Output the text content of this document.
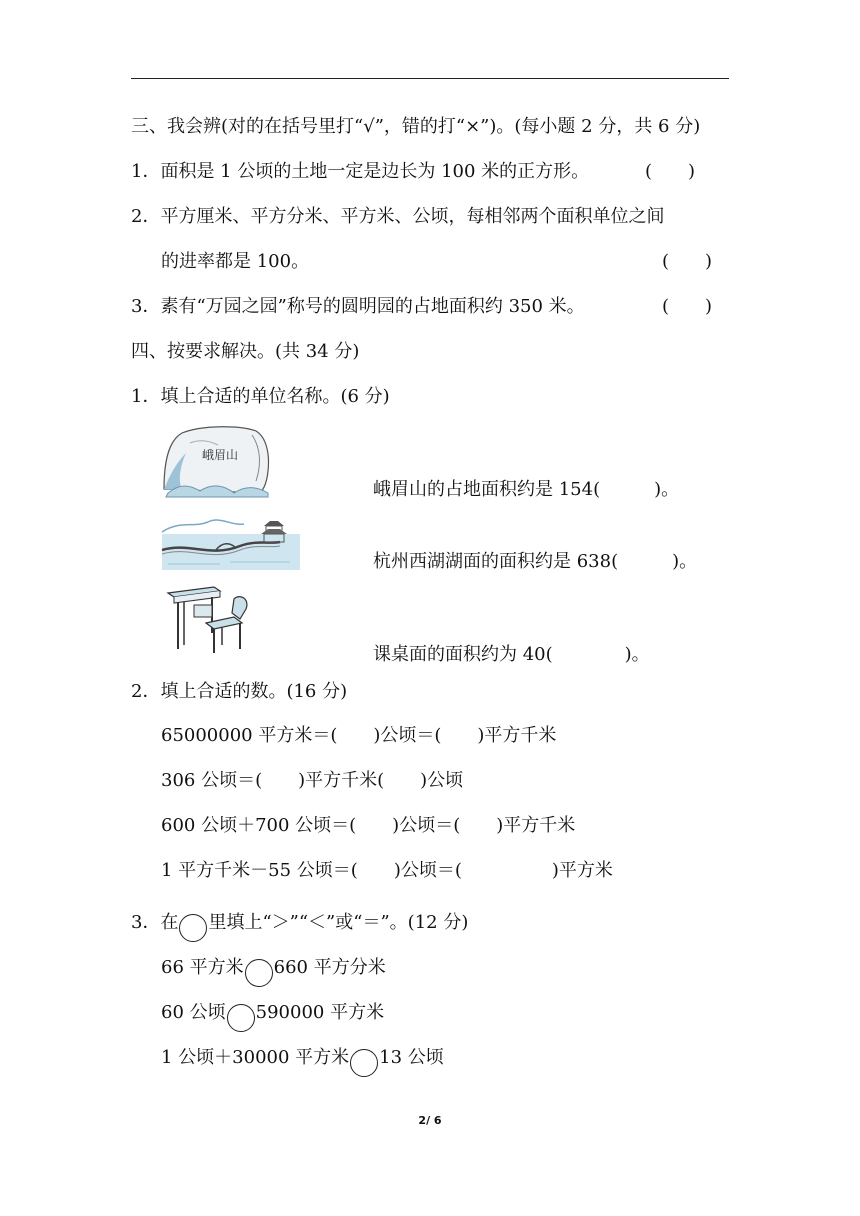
三、我会辨(对的在括号里打“√”，错的打“×”)。(每小题 2 分，共 6 分)
1．面积是 1 公顷的土地一定是边长为 100 米的正方形。	(　　)
2．平方厘米、平方分米、平方米、公顷，每相邻两个面积单位之间
的进率都是 100。	(　　)
3．素有“万园之园”称号的圆明园的占地面积约 350 米。	(　　)
四、按要求解决。(共 34 分)
1．填上合适的单位名称。(6 分)
峨眉山
峨眉山的占地面积约是 154(　　　)。
杭州西湖湖面的面积约是 638(　　　)。
课桌面的面积约为 40(　　　　)。
2．填上合适的数。(16 分)
65000000 平方米＝(　　)公顷＝(　　)平方千米
306 公顷＝(　　)平方千米(　　)公顷
600 公顷＋700 公顷＝(　　)公顷＝(　　)平方千米
1 平方千米－55 公顷＝(　　)公顷＝(　　　　　)平方米
3．在 里填上“＞”“＜”或“＝”。(12 分)
66 平方米 660 平方分米
60 公顷 590000 平方米
1 公顷＋30000 平方米 13 公顷
2/ 6
